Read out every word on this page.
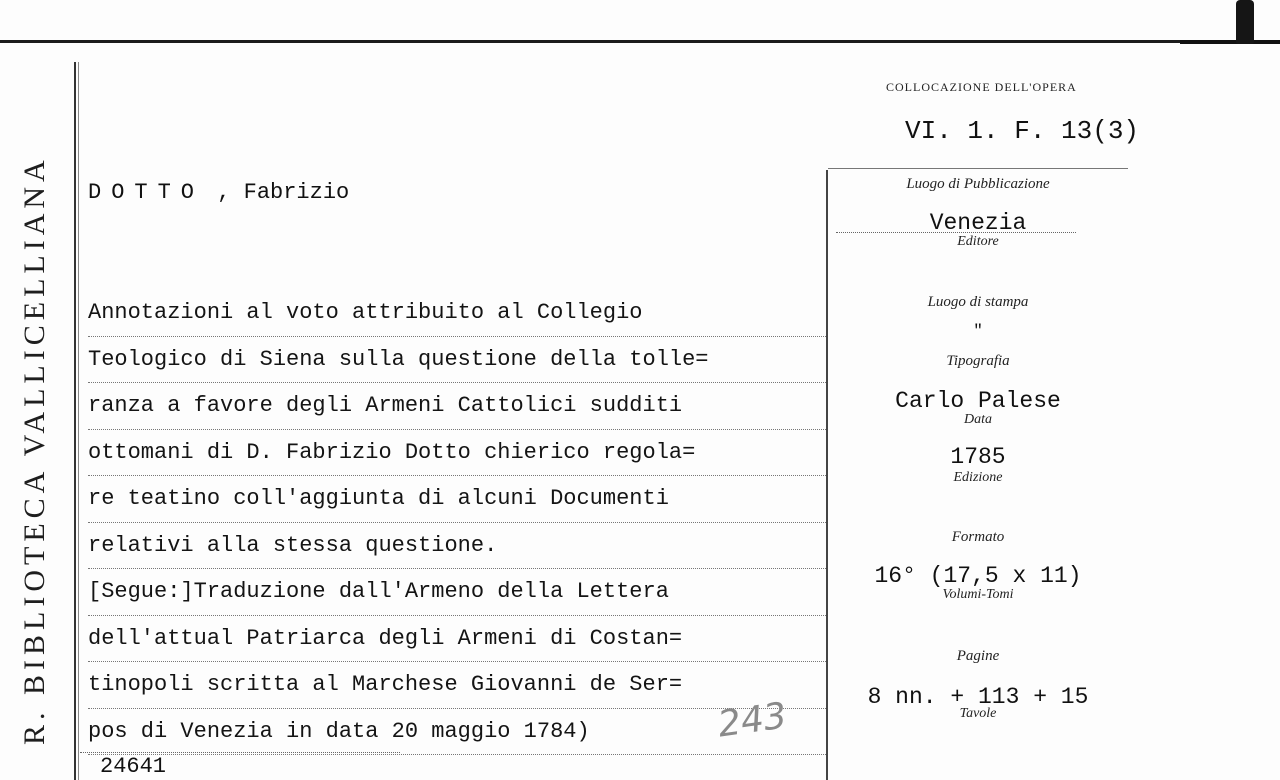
R. BIBLIOTECA VALLICELLIANA
COLLOCAZIONE DELL'OPERA
VI. 1. F. 13(3)
DOTTO , Fabrizio
Annotazioni al voto attribuito al Collegio
Teologico di Siena sulla questione della tolle=
ranza a favore degli Armeni Cattolici sudditi
ottomani di D. Fabrizio Dotto chierico regola=
re teatino coll'aggiunta di alcuni Documenti
relativi alla stessa questione.
[Segue:]Traduzione dall'Armeno della Lettera
dell'attual Patriarca degli Armeni di Costan=
tinopoli scritta al Marchese Giovanni de Ser=
pos di Venezia in data 20 maggio 1784)	243
24641
Luogo di Pubblicazione
Venezia
Editore
Luogo di stampa
"
Tipografia
Carlo Palese
Data
1785
Edizione
Formato
16° (17,5 x 11)
Volumi-Tomi
Pagine
8 nn. + 113 + 15
Tavole
